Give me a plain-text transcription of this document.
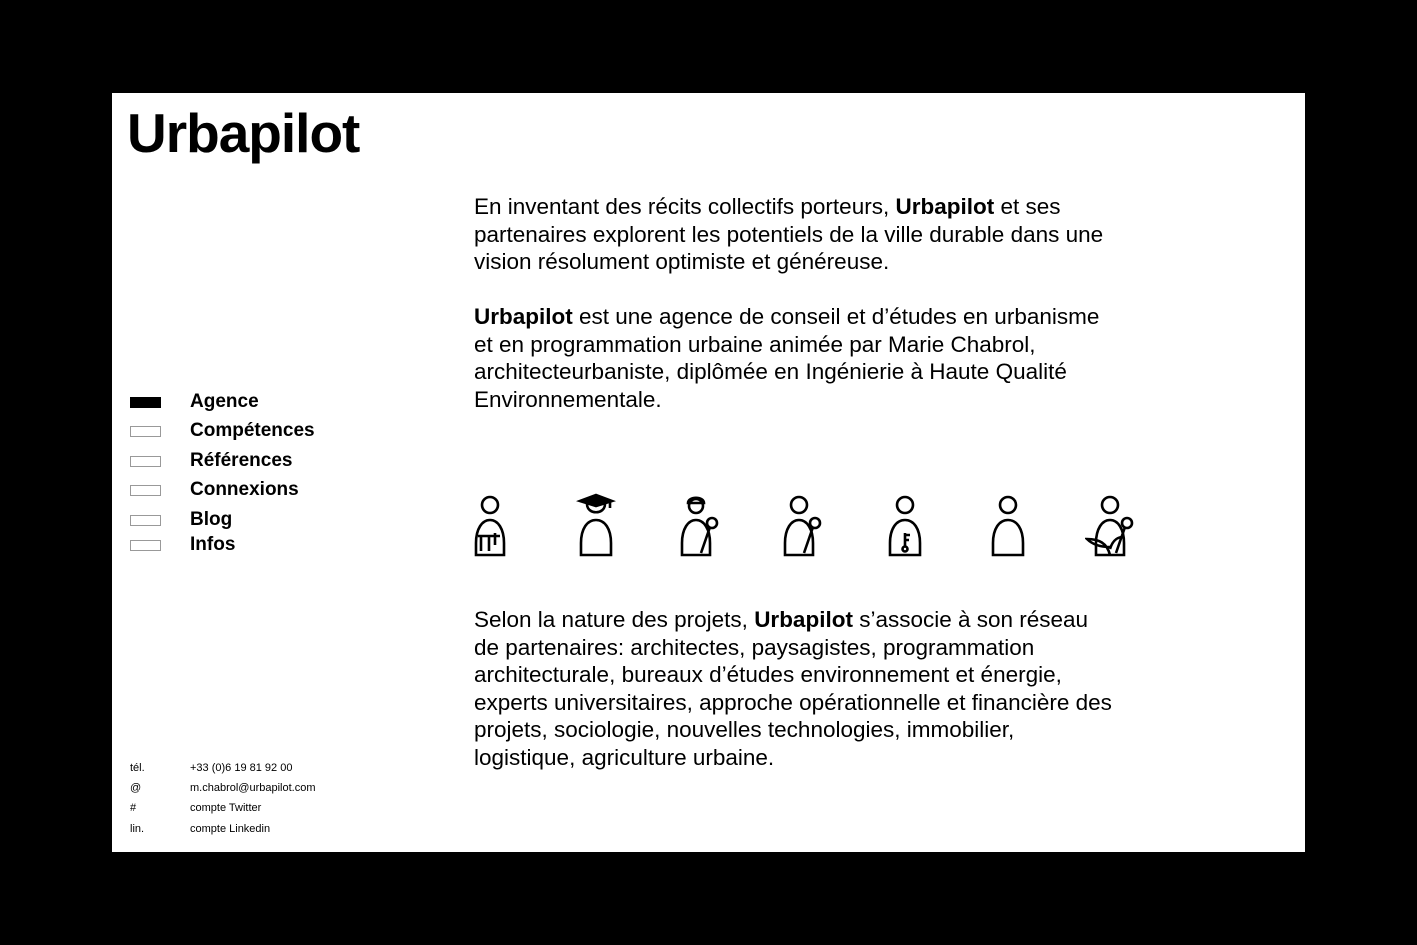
Urbapilot
Agence
Compétences
Références
Connexions
Blog
Infos

En inventant des récits collectifs porteurs, Urbapilot et ses partenaires explorent les potentiels de la ville durable dans une vision résolument optimiste et généreuse.

Urbapilot est une agence de conseil et d’études en urbanisme et en programmation urbaine animée par Marie Chabrol, architecteurbaniste, diplômée en Ingénierie à Haute Qualité Environnementale.

Selon la nature des projets, Urbapilot s’associe à son réseau de partenaires: architectes, paysagistes, programmation architecturale, bureaux d’études environnement et énergie, experts universitaires, approche opérationnelle et financière des projets, sociologie, nouvelles technologies, immobilier, logistique, agriculture urbaine.

tél.	+33 (0)6 19 81 92 00
@	m.chabrol@urbapilot.com
#	compte Twitter
lin.	compte Linkedin
